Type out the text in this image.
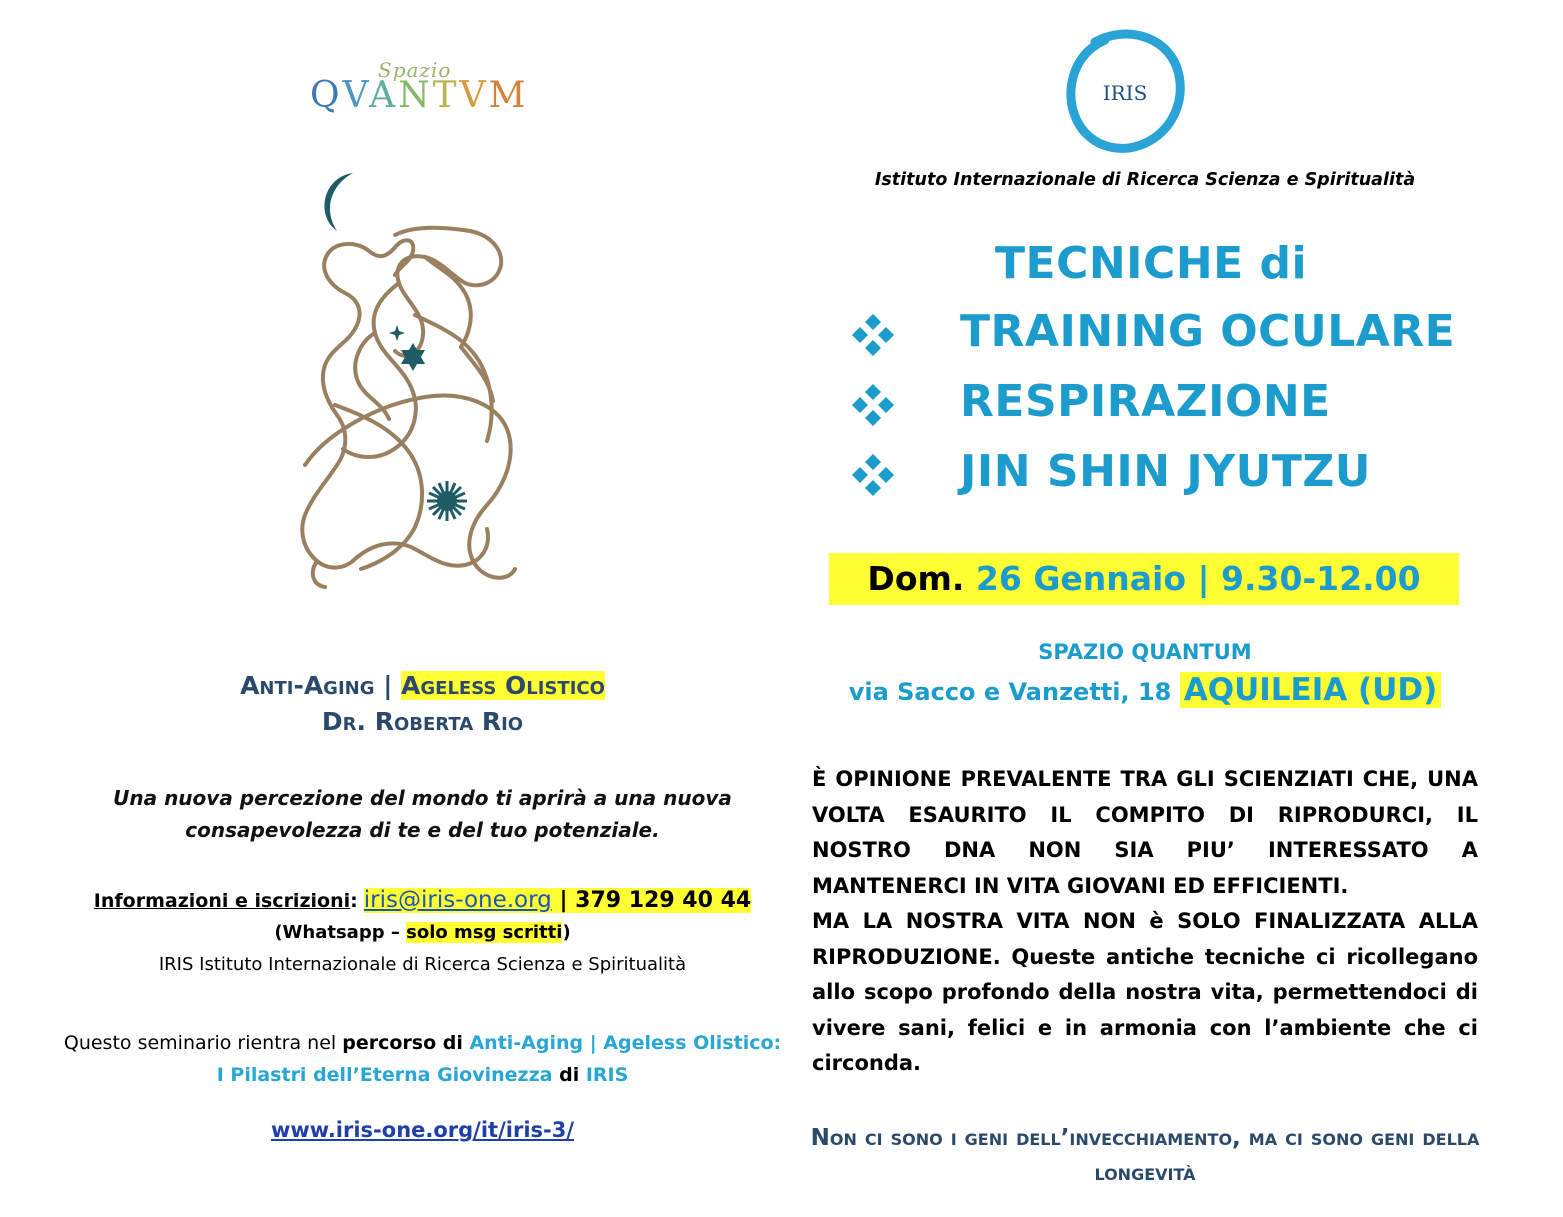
Spazio
QVANTVM
Anti-Aging | Ageless Olistico
Dr. Roberta Rio
Una nuova percezione del mondo ti aprirà a una nuova consapevolezza di te e del tuo potenziale.
Informazioni e iscrizioni: iris@iris-one.org | 379 129 40 44
(Whatsapp – solo msg scritti)
IRIS Istituto Internazionale di Ricerca Scienza e Spiritualità
Questo seminario rientra nel percorso di Anti-Aging | Ageless Olistico: I Pilastri dell’Eterna Giovinezza di IRIS
www.iris-one.org/it/iris-3/
IRIS
Istituto Internazionale di Ricerca Scienza e Spiritualità
TECNICHE di
TRAINING OCULARE
RESPIRAZIONE
JIN SHIN JYUTZU
Dom. 26 Gennaio | 9.30-12.00
SPAZIO QUANTUM
via Sacco e Vanzetti, 18 AQUILEIA (UD)

È OPINIONE PREVALENTE TRA GLI SCIENZIATI CHE, UNA VOLTA ESAURITO IL COMPITO DI RIPRODURCI, IL NOSTRO DNA NON SIA PIU’ INTERESSATO A MANTENERCI IN VITA GIOVANI ED EFFICIENTI.

MA LA NOSTRA VITA NON è SOLO FINALIZZATA ALLA RIPRODUZIONE. Queste antiche tecniche ci ricollegano allo scopo profondo della nostra vita, permettendoci di vivere sani, felici e in armonia con l’ambiente che ci circonda.

Non ci sono i geni dell’invecchiamento, ma ci sono geni della longevità
